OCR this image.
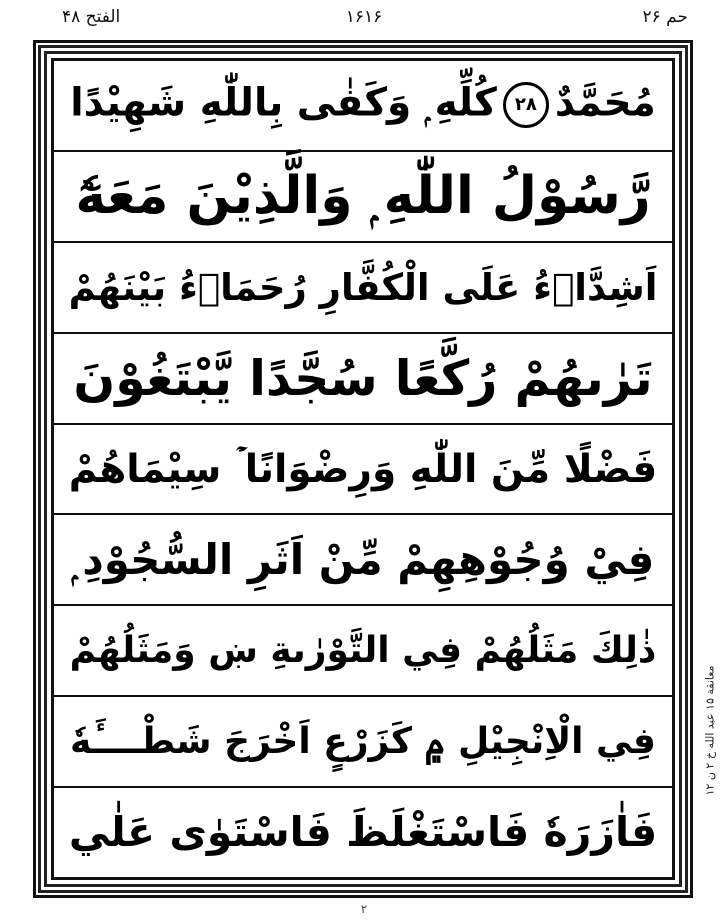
الفتح ۴۸	۱۶۱۶	حم ۲۶
مُحَمَّدٌ۲۸كُلِّهِ ۭ وَكَفٰى بِاللّٰهِ شَهِيْدًا
رَّسُوْلُ اللّٰهِ ۭ وَالَّذِيْنَ مَعَهٗٓ
اَشِدَّاۗءُ عَلَى الْكُفَّارِ رُحَمَاۗءُ بَيْنَهُمْ
تَرٰىهُمْ رُكَّعًا سُجَّدًا يَّبْتَغُوْنَ
فَضْلًا مِّنَ اللّٰهِ وَرِضْوَانًا ۡ سِيْمَاهُمْ
فِيْ وُجُوْهِهِمْ مِّنْ اَثَرِ السُّجُوْدِ ۭ
ذٰلِكَ مَثَلُهُمْ فِي التَّوْرٰىةِ ښ وَمَثَلُهُمْ
فِي الْاِنْجِيْلِ ۾ كَزَرْعٍ اَخْرَجَ شَطْــــَٔهٗ
فَاٰزَرَهٗ فَاسْتَغْلَظَ فَاسْتَوٰى عَلٰي
معانقة ۱۵ عبد الله خ ۲ ن ۱۲
۲
